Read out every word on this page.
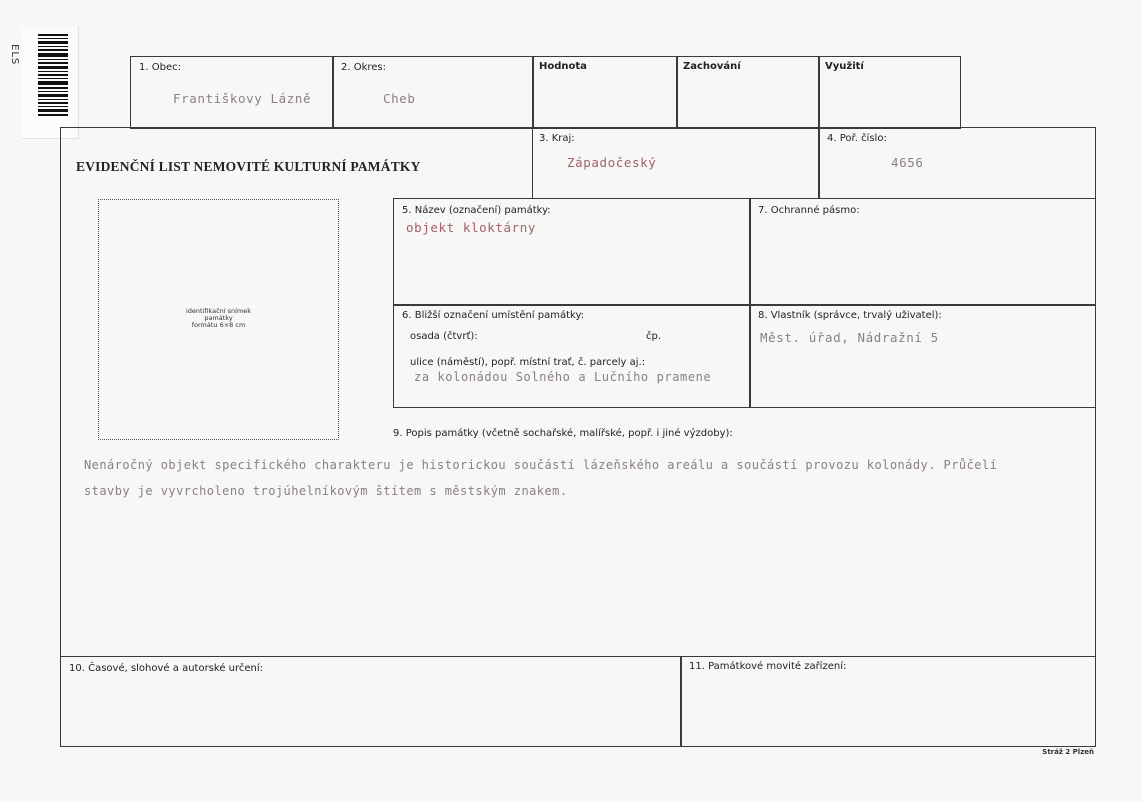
ELS
1. Obec:
Františkovy Lázně
2. Okres:
Cheb
Hodnota	Zachování	Využití
EVIDENČNÍ LIST NEMOVITÉ KULTURNÍ PAMÁTKY
3. Kraj:
Západočeský
4. Poř. číslo:
4656
identifikační snímek
památky
formátu 6×8 cm
5. Název (označení) památky:
objekt kloktárny
7. Ochranné pásmo:
6. Bližší označení umístění památky:
osada (čtvrť):	čp.
ulice (náměstí), popř. místní trať, č. parcely aj.:
za kolonádou Solného a Lučního pramene
8. Vlastník (správce, trvalý uživatel):
Měst. úřad, Nádražní 5
9. Popis památky (včetně sochařské, malířské, popř. i jiné výzdoby):
Nenáročný objekt specifického charakteru je historickou součástí lázeňského areálu a součástí provozu kolonády. Průčelí
stavby je vyvrcholeno trojúhelníkovým štítem s městským znakem.
10. Časové, slohové a autorské určení:	11. Památkové movité zařízení:
Stráž 2 Plzeň
